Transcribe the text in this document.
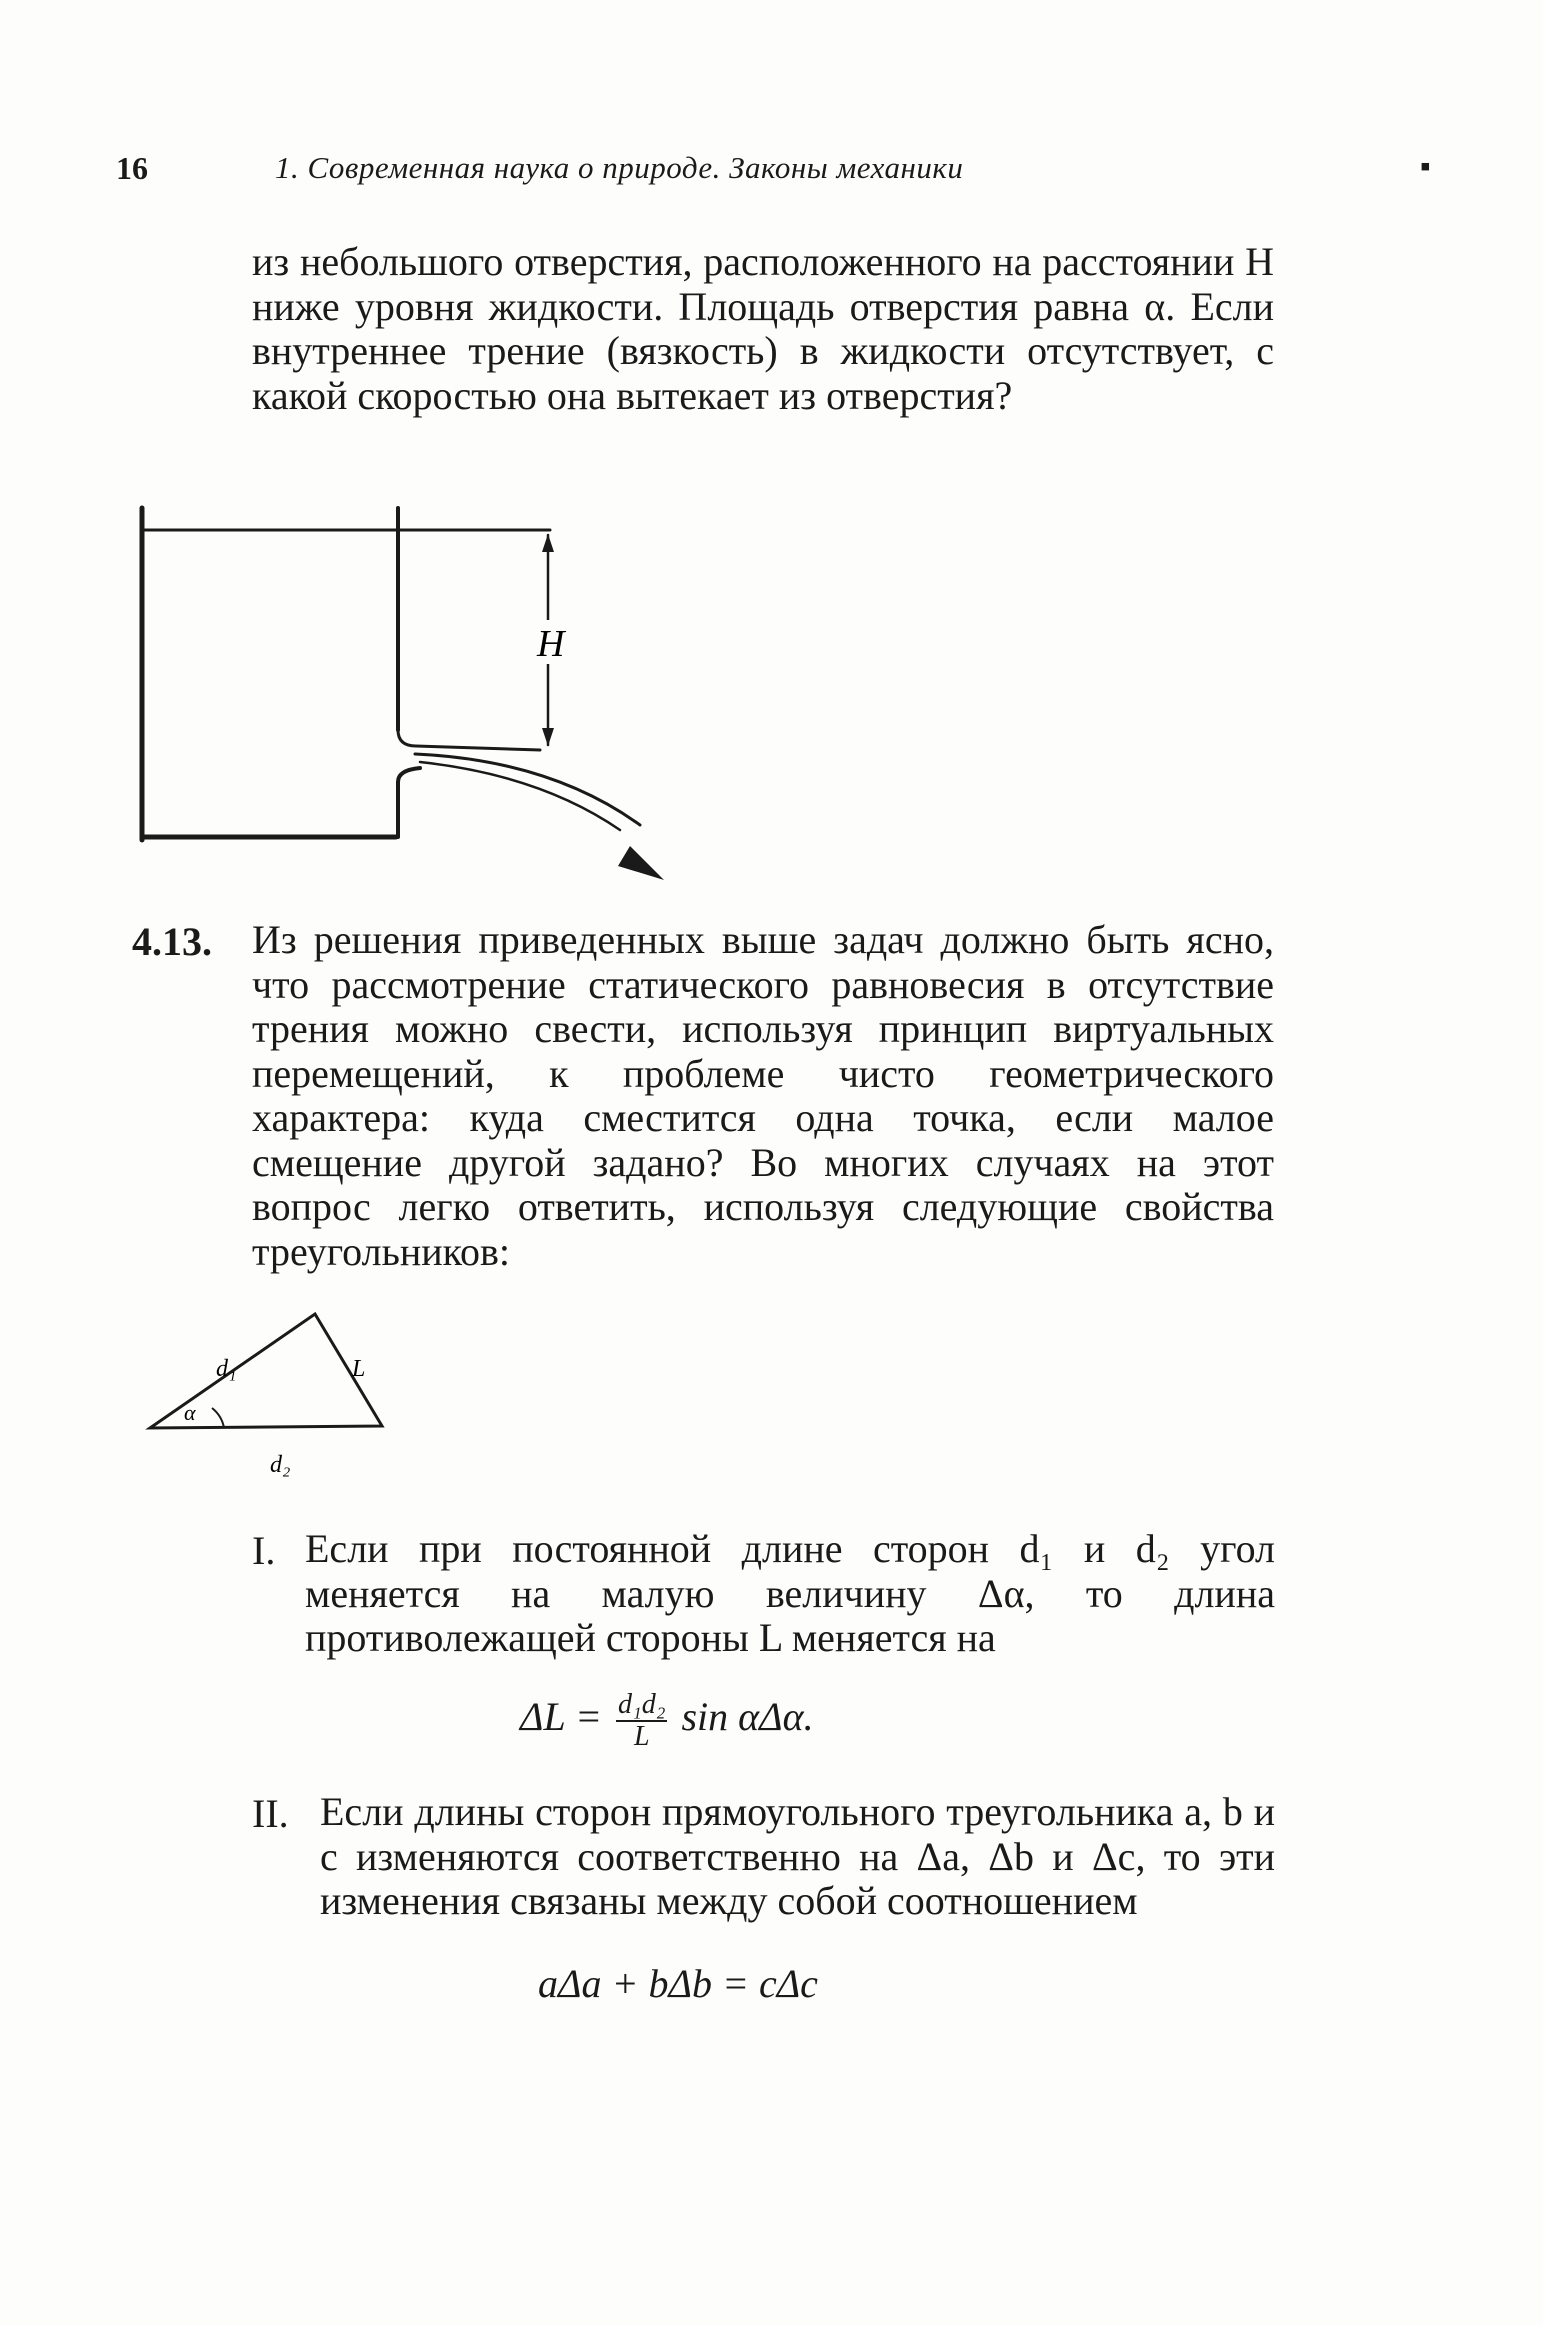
16	1. Современная наука о природе. Законы механики	▪
из небольшого отверстия, расположенного на расстоянии H ниже уровня жидкости. Площадь отверстия равна α. Если внутреннее трение (вязкость) в жидкости отсутствует, с какой скоростью она вытекает из отверстия?
H
4.13. Из решения приведенных выше задач должно быть ясно, что рассмотрение статического равновесия в отсутствие трения можно свести, используя принцип виртуальных перемещений, к проблеме чисто геометрического характера: куда сместится одна точка, если малое смещение другой задано? Во многих случаях на этот вопрос легко ответить, используя следующие свойства треугольников:
d₁	L
α
d₂
I. Если при постоянной длине сторон d₁ и d₂ угол меняется на малую величину Δα, то длина противолежащей стороны L меняется на
$\Delta L = \frac{\text{d₁d₂}}{L}$ sin αΔα.
II. Если длины сторон прямоугольного треугольника a, b и c изменяются соответственно на Δa, Δb и Δc, то эти изменения связаны между собой соотношением
aΔa + bΔb = cΔc
